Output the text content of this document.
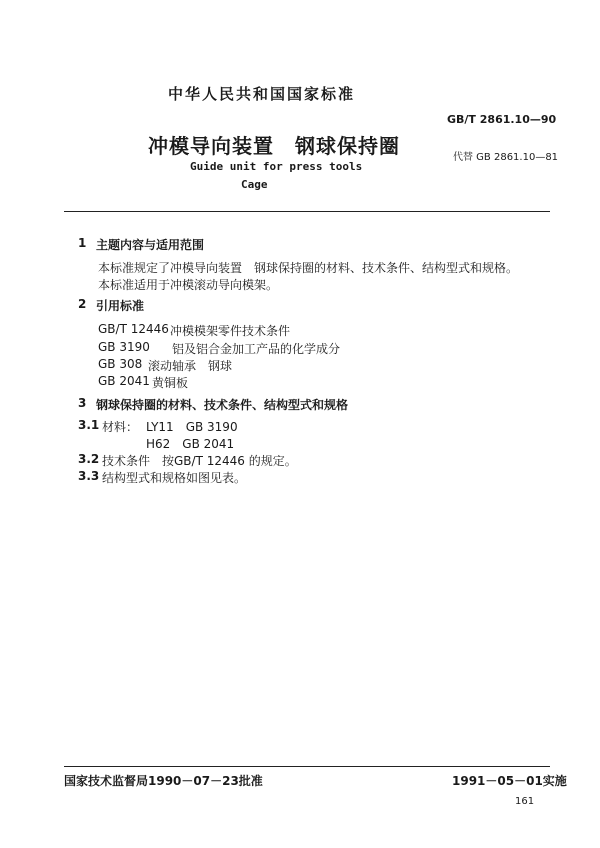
中华人民共和国国家标准
GB/T 2861.10—90
冲模导向装置　钢球保持圈	代替 GB 2861.10—81
Guide unit for press tools
Cage
1 主题内容与适用范围
本标准规定了冲模导向装置　钢球保持圈的材料、技术条件、结构型式和规格。
本标准适用于冲模滚动导向模架。
2 引用标准
GB/T 12446 冲模模架零件技术条件
GB 3190 铝及铝合金加工产品的化学成分
GB 308 滚动轴承　钢球
GB 2041 黄铜板
3 钢球保持圈的材料、技术条件、结构型式和规格
3.1 材料： LY11　GB 3190
H62　GB 2041
3.2 技术条件　按GB/T 12446 的规定。
3.3 结构型式和规格如图见表。
国家技术监督局1990－07－23批准	1991－05－01实施
161
